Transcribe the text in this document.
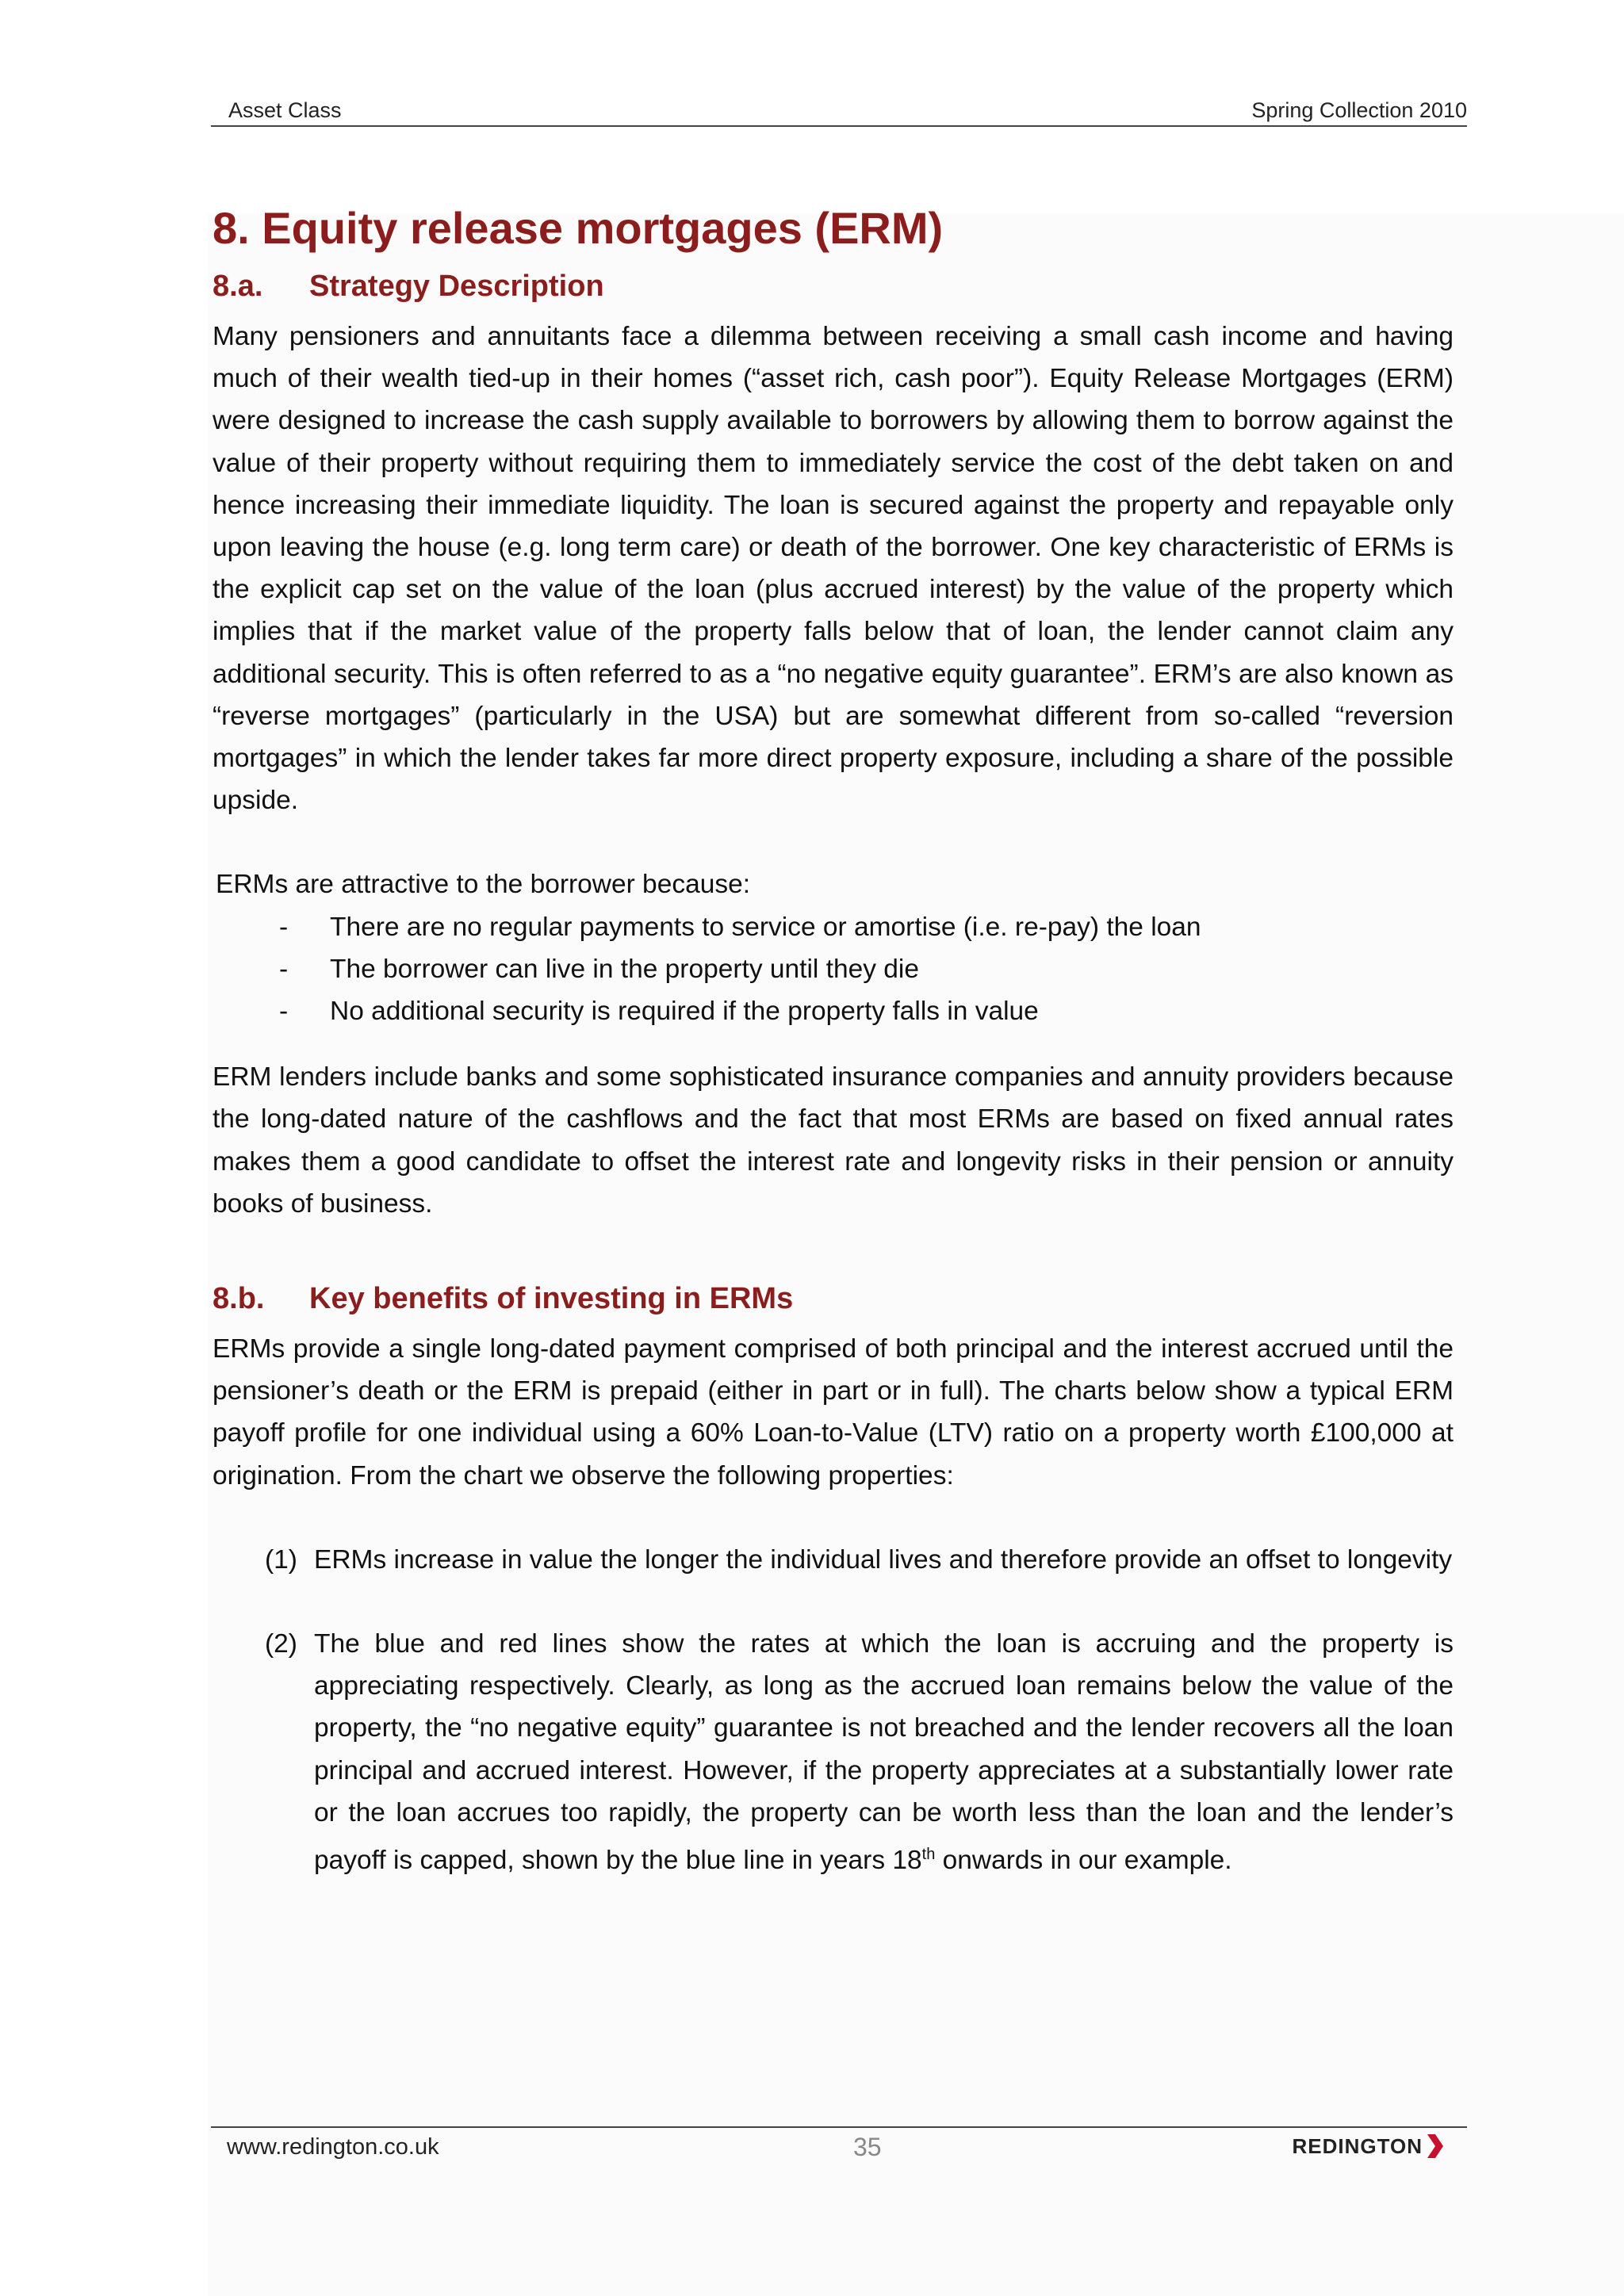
Asset Class	Spring Collection 2010
8. Equity release mortgages (ERM)
8.a. Strategy Description

Many pensioners and annuitants face a dilemma between receiving a small cash income and having much of their wealth tied-up in their homes (“asset rich, cash poor”). Equity Release Mortgages (ERM) were designed to increase the cash supply available to borrowers by allowing them to borrow against the value of their property without requiring them to immediately service the cost of the debt taken on and hence increasing their immediate liquidity. The loan is secured against the property and repayable only upon leaving the house (e.g. long term care) or death of the borrower. One key characteristic of ERMs is the explicit cap set on the value of the loan (plus accrued interest) by the value of the property which implies that if the market value of the property falls below that of loan, the lender cannot claim any additional security. This is often referred to as a “no negative equity guarantee”. ERM’s are also known as “reverse mortgages” (particularly in the USA) but are somewhat different from so-called “reversion mortgages” in which the lender takes far more direct property exposure, including a share of the possible upside.

ERMs are attractive to the borrower because:
- There are no regular payments to service or amortise (i.e. re-pay) the loan
- The borrower can live in the property until they die
- No additional security is required if the property falls in value

ERM lenders include banks and some sophisticated insurance companies and annuity providers because the long-dated nature of the cashflows and the fact that most ERMs are based on fixed annual rates makes them a good candidate to offset the interest rate and longevity risks in their pension or annuity books of business.

8.b. Key benefits of investing in ERMs

ERMs provide a single long-dated payment comprised of both principal and the interest accrued until the pensioner’s death or the ERM is prepaid (either in part or in full). The charts below show a typical ERM payoff profile for one individual using a 60% Loan-to-Value (LTV) ratio on a property worth £100,000 at origination. From the chart we observe the following properties:

(1) ERMs increase in value the longer the individual lives and therefore provide an offset to longevity
(2) The blue and red lines show the rates at which the loan is accruing and the property is appreciating respectively. Clearly, as long as the accrued loan remains below the value of the property, the “no negative equity” guarantee is not breached and the lender recovers all the loan principal and accrued interest. However, if the property appreciates at a substantially lower rate or the loan accrues too rapidly, the property can be worth less than the loan and the lender’s payoff is capped, shown by the blue line in years 18th onwards in our example.
www.redington.co.uk	35	REDINGTON
